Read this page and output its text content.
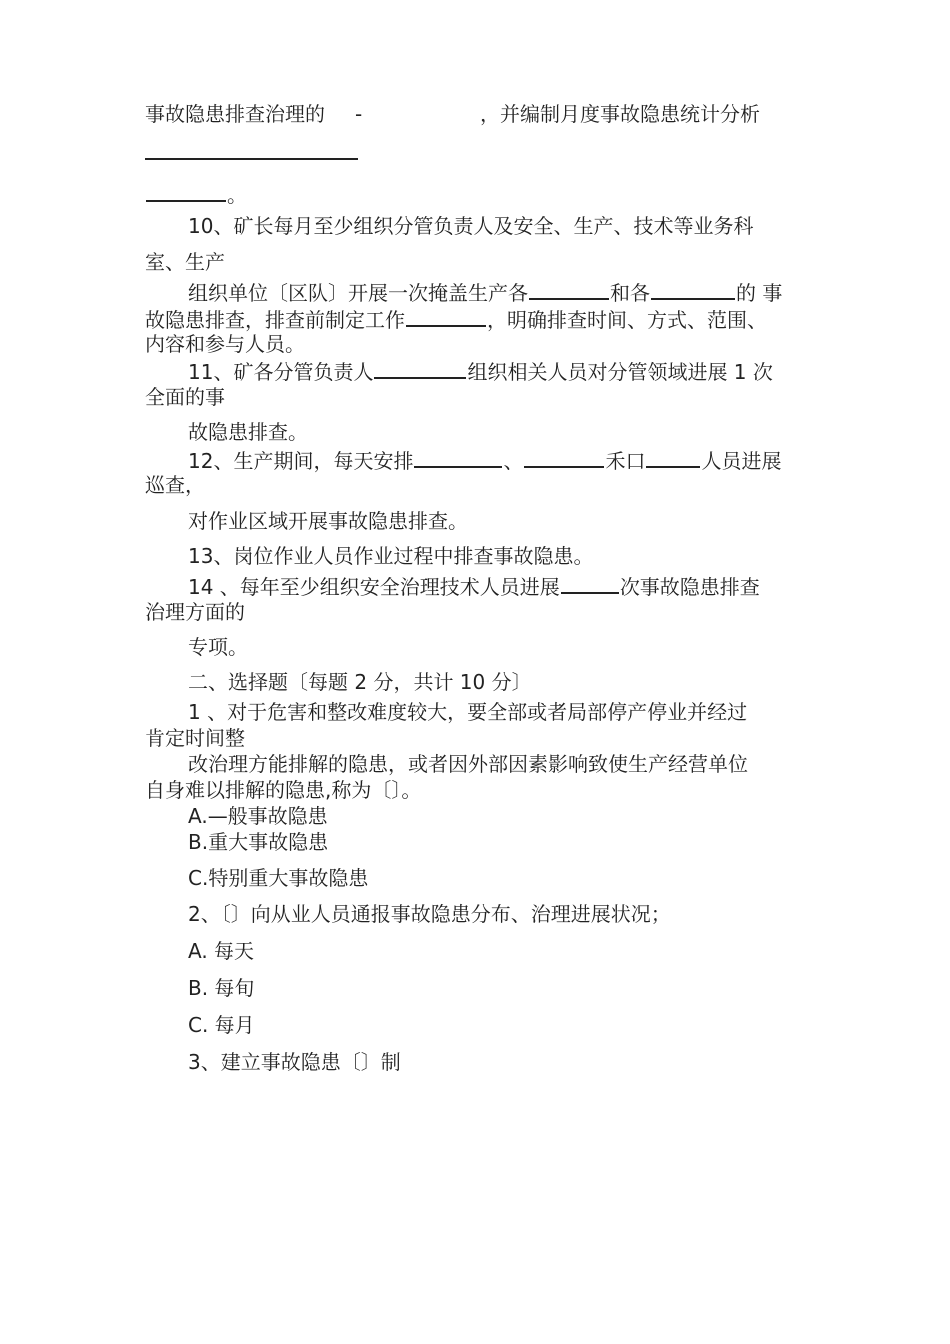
事故隐患排查治理的 -	，并编制月度事故隐患统计分析
。
10、矿长每月至少组织分管负责人及安全、生产、技术等业务科
室、生产
组织单位〔区队〕开展一次掩盖生产各	和各	的 事
故隐患排查，排查前制定工作	，明确排查时间、方式、范围、
内容和参与人员。
11、矿各分管负责人	组织相关人员对分管领域进展 1 次
全面的事
故隐患排查。
12、生产期间，每天安排	、	禾口	人员进展
巡查，
对作业区域开展事故隐患排查。
13、岗位作业人员作业过程中排查事故隐患。
14 、每年至少组织安全治理技术人员进展	次事故隐患排查
治理方面的
专项。
二、选择题〔每题 2 分，共计 10 分〕
1 、对于危害和整改难度较大，要全部或者局部停产停业并经过
肯定时间整
改治理方能排解的隐患，或者因外部因素影响致使生产经营单位
自身难以排解的隐患,称为〔〕。
A.—般事故隐患
B.重大事故隐患
C.特别重大事故隐患
2、〔〕向从业人员通报事故隐患分布、治理进展状况；
A. 每天
B. 每旬
C. 每月
3、建立事故隐患〔〕制
